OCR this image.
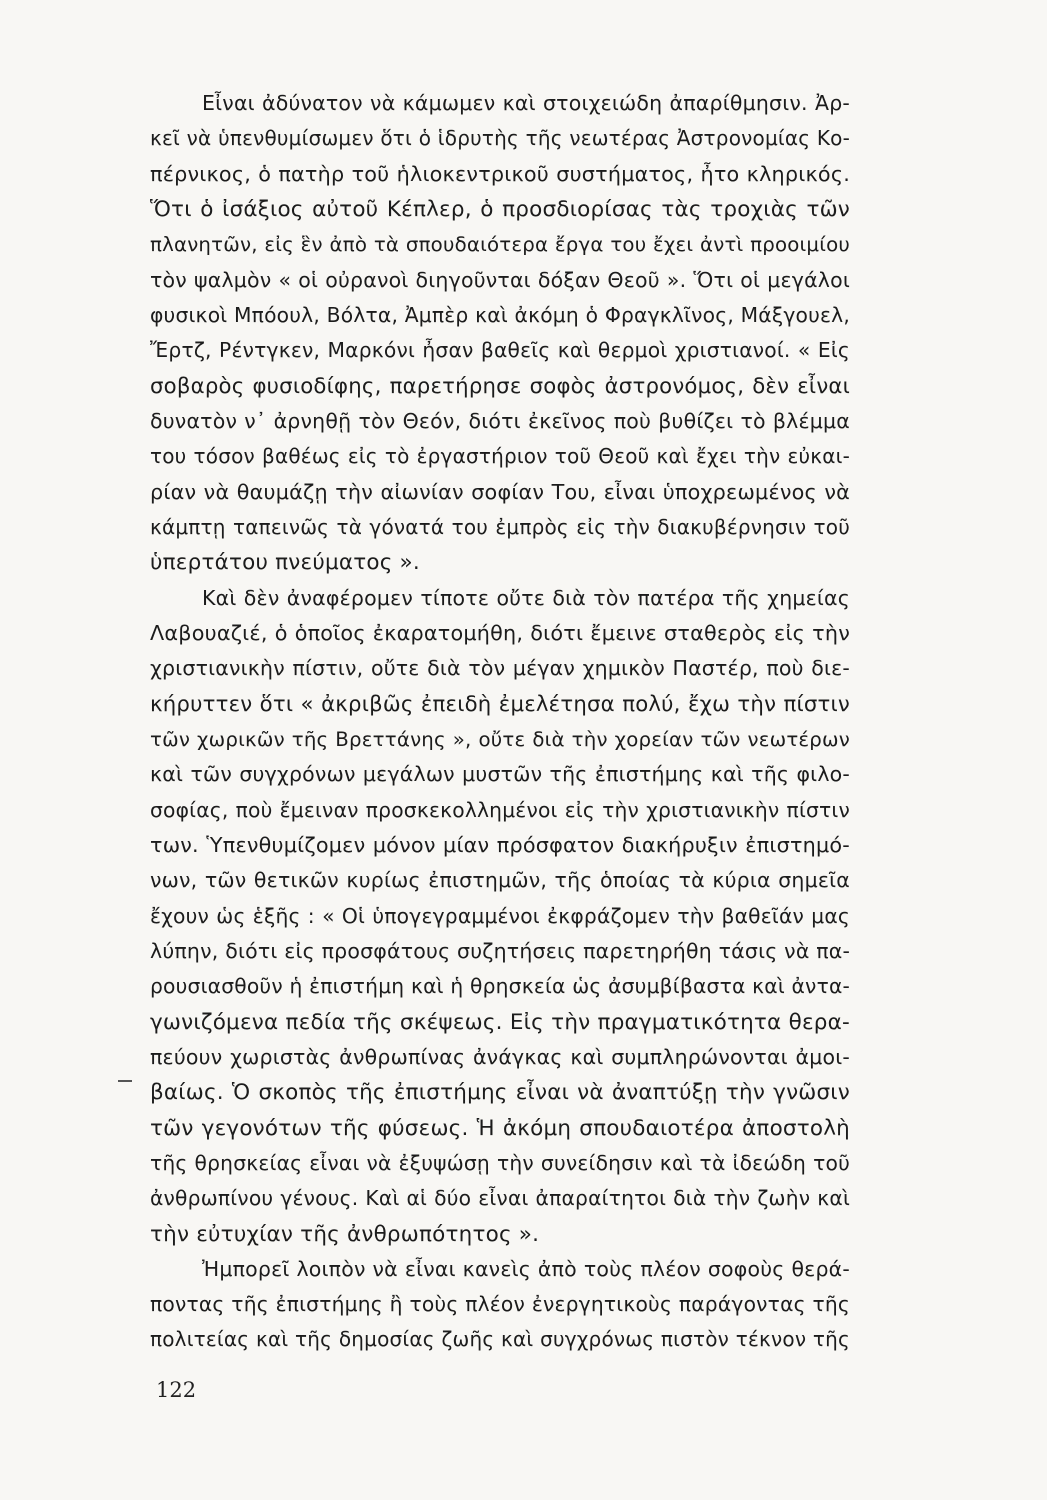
Εἶναι ἀδύνατον νὰ κάμωμεν καὶ στοιχειώδη ἀπαρίθμησιν. Ἀρ-
κεῖ νὰ ὑπενθυμίσωμεν ὅτι ὁ ἱδρυτὴς τῆς νεωτέρας Ἀστρονομίας Κο-
πέρνικος, ὁ πατὴρ τοῦ ἡλιοκεντρικοῦ συστήματος, ἦτο κληρικός.
Ὅτι ὁ ἰσάξιος αὐτοῦ Κέπλερ, ὁ προσδιορίσας τὰς τροχιὰς τῶν
πλανητῶν, εἰς ἓν ἀπὸ τὰ σπουδαιότερα ἔργα του ἔχει ἀντὶ προοιμίου
τὸν ψαλμὸν « οἱ οὐρανοὶ διηγοῦνται δόξαν Θεοῦ ». Ὅτι οἱ μεγάλοι
φυσικοὶ Μπόουλ, Βόλτα, Ἀμπὲρ καὶ ἀκόμη ὁ Φραγκλῖνος, Μάξγουελ,
Ἔρτζ, Ρέντγκεν, Μαρκόνι ἦσαν βαθεῖς καὶ θερμοὶ χριστιανοί. « Εἰς
σοβαρὸς φυσιοδίφης, παρετήρησε σοφὸς ἀστρονόμος, δὲν εἶναι
δυνατὸν ν᾽ ἀρνηθῇ τὸν Θεόν, διότι ἐκεῖνος ποὺ βυθίζει τὸ βλέμμα
του τόσον βαθέως εἰς τὸ ἐργαστήριον τοῦ Θεοῦ καὶ ἔχει τὴν εὐκαι-
ρίαν νὰ θαυμάζῃ τὴν αἰωνίαν σοφίαν Του, εἶναι ὑποχρεωμένος νὰ
κάμπτῃ ταπεινῶς τὰ γόνατά του ἐμπρὸς εἰς τὴν διακυβέρνησιν τοῦ
ὑπερτάτου πνεύματος ».
Καὶ δὲν ἀναφέρομεν τίποτε οὔτε διὰ τὸν πατέρα τῆς χημείας
Λαβουαζιέ, ὁ ὁποῖος ἐκαρατομήθη, διότι ἔμεινε σταθερὸς εἰς τὴν
χριστιανικὴν πίστιν, οὔτε διὰ τὸν μέγαν χημικὸν Παστέρ, ποὺ διε-
κήρυττεν ὅτι « ἀκριβῶς ἐπειδὴ ἐμελέτησα πολύ, ἔχω τὴν πίστιν
τῶν χωρικῶν τῆς Βρεττάνης », οὔτε διὰ τὴν χορείαν τῶν νεωτέρων
καὶ τῶν συγχρόνων μεγάλων μυστῶν τῆς ἐπιστήμης καὶ τῆς φιλο-
σοφίας, ποὺ ἔμειναν προσκεκολλημένοι εἰς τὴν χριστιανικὴν πίστιν
των. Ὑπενθυμίζομεν μόνον μίαν πρόσφατον διακήρυξιν ἐπιστημό-
νων, τῶν θετικῶν κυρίως ἐπιστημῶν, τῆς ὁποίας τὰ κύρια σημεῖα
ἔχουν ὡς ἑξῆς : « Οἱ ὑπογεγραμμένοι ἐκφράζομεν τὴν βαθεῖάν μας
λύπην, διότι εἰς προσφάτους συζητήσεις παρετηρήθη τάσις νὰ πα-
ρουσιασθοῦν ἡ ἐπιστήμη καὶ ἡ θρησκεία ὡς ἀσυμβίβαστα καὶ ἀντα-
γωνιζόμενα πεδία τῆς σκέψεως. Εἰς τὴν πραγματικότητα θερα-
πεύουν χωριστὰς ἀνθρωπίνας ἀνάγκας καὶ συμπληρώνονται ἀμοι-
βαίως. Ὁ σκοπὸς τῆς ἐπιστήμης εἶναι νὰ ἀναπτύξῃ τὴν γνῶσιν
τῶν γεγονότων τῆς φύσεως. Ἡ ἀκόμη σπουδαιοτέρα ἀποστολὴ
τῆς θρησκείας εἶναι νὰ ἐξυψώσῃ τὴν συνείδησιν καὶ τὰ ἰδεώδη τοῦ
ἀνθρωπίνου γένους. Καὶ αἱ δύο εἶναι ἀπαραίτητοι διὰ τὴν ζωὴν καὶ
τὴν εὐτυχίαν τῆς ἀνθρωπότητος ».
Ἠμπορεῖ λοιπὸν νὰ εἶναι κανεὶς ἀπὸ τοὺς πλέον σοφοὺς θερά-
ποντας τῆς ἐπιστήμης ἢ τοὺς πλέον ἐνεργητικοὺς παράγοντας τῆς
πολιτείας καὶ τῆς δημοσίας ζωῆς καὶ συγχρόνως πιστὸν τέκνον τῆς
122
